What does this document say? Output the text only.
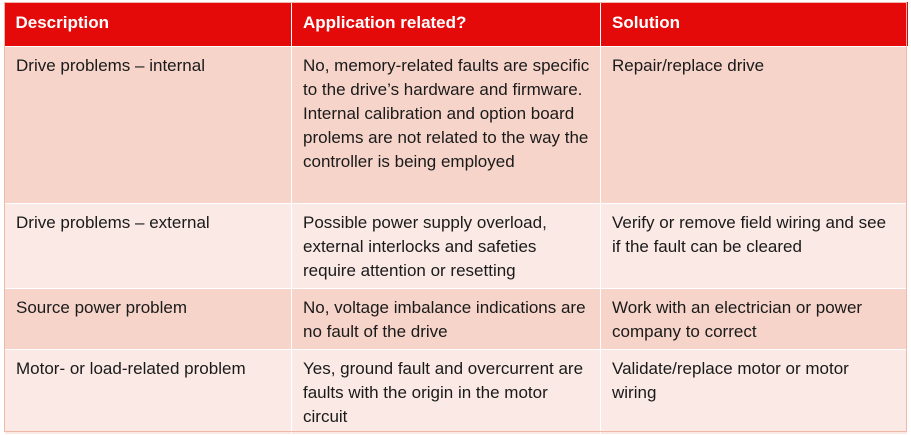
Description	Application related?	Solution
Drive problems – internal	No, memory-related faults are specific to the drive’s hardware and firmware. Internal calibration and option board prolems are not related to the way the controller is being employed	Repair/replace drive
Drive problems – external	Possible power supply overload, external interlocks and safeties require attention or resetting	Verify or remove field wiring and see if the fault can be cleared
Source power problem	No, voltage imbalance indications are no fault of the drive	Work with an electrician or power company to correct
Motor- or load-related problem	Yes, ground fault and overcurrent are faults with the origin in the motor circuit	Validate/replace motor or motor wiring
